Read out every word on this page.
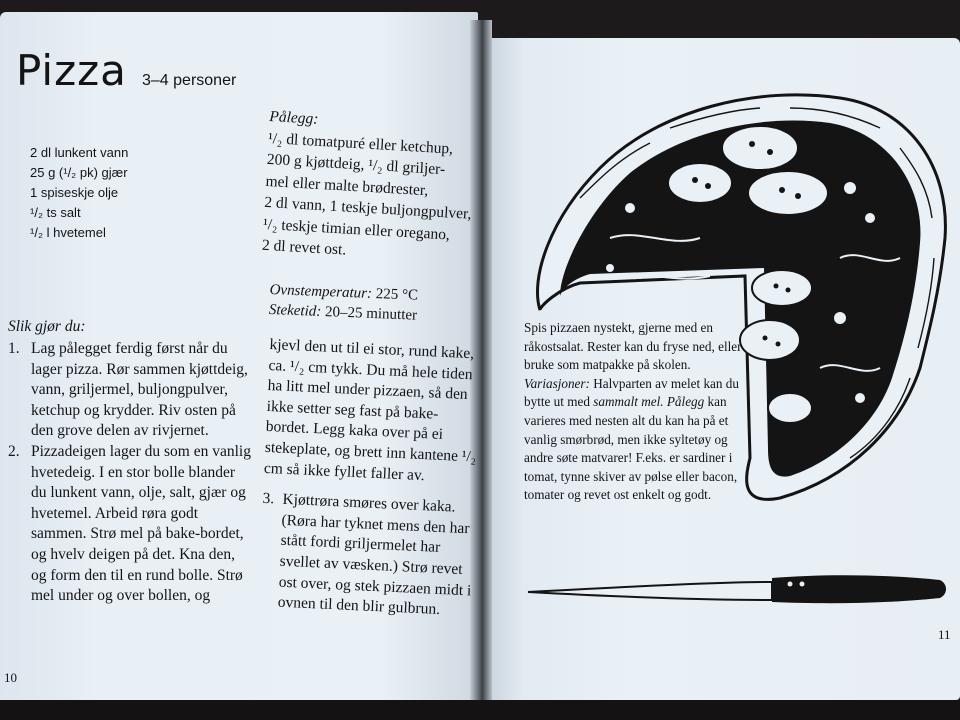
Pizza 3–4 personer
2 dl lunkent vann
25 g (¹/₂ pk) gjær
1 spiseskje olje
¹/₂ ts salt
¹/₂ l hvetemel
Pålegg:
¹/₂ dl tomatpuré eller ketchup,
200 g kjøttdeig, ¹/₂ dl griljer-
mel eller malte brødrester,
2 dl vann, 1 teskje buljongpulver,
¹/₂ teskje timian eller oregano,
2 dl revet ost.
Ovnstemperatur: 225 °C
Steketid: 20–25 minutter
Slik gjør du:
1. Lag pålegget ferdig først når du lager pizza. Rør sammen kjøttdeig, vann, griljermel, buljongpulver, ketchup og krydder. Riv osten på den grove delen av rivjernet.
2. Pizzadeigen lager du som en vanlig hvetedeig. I en stor bolle blander du lunkent vann, olje, salt, gjær og hvetemel. Arbeid røra godt sammen. Strø mel på bake-bordet, og hvelv deigen på det. Kna den, og form den til en rund bolle. Strø mel under og over bollen, og
kjevl den ut til ei stor, rund kake, ca. ¹/₂ cm tykk. Du må hele tiden ha litt mel under pizzaen, så den ikke setter seg fast på bake-bordet. Legg kaka over på ei stekeplate, og brett inn kantene ¹/₂ cm så ikke fyllet faller av.
3. Kjøttrøra smøres over kaka. (Røra har tyknet mens den har stått fordi griljermelet har svellet av væsken.) Strø revet ost over, og stek pizzaen midt i ovnen til den blir gulbrun.
10
Spis pizzaen nystekt, gjerne med en råkostsalat. Rester kan du fryse ned, eller bruke som matpakke på skolen. Variasjoner: Halvparten av melet kan du bytte ut med sammalt mel. Pålegg kan varieres med nesten alt du kan ha på et vanlig smørbrød, men ikke syltetøy og andre søte matvarer! F.eks. er sardiner i tomat, tynne skiver av pølse eller bacon, tomater og revet ost enkelt og godt.
11
